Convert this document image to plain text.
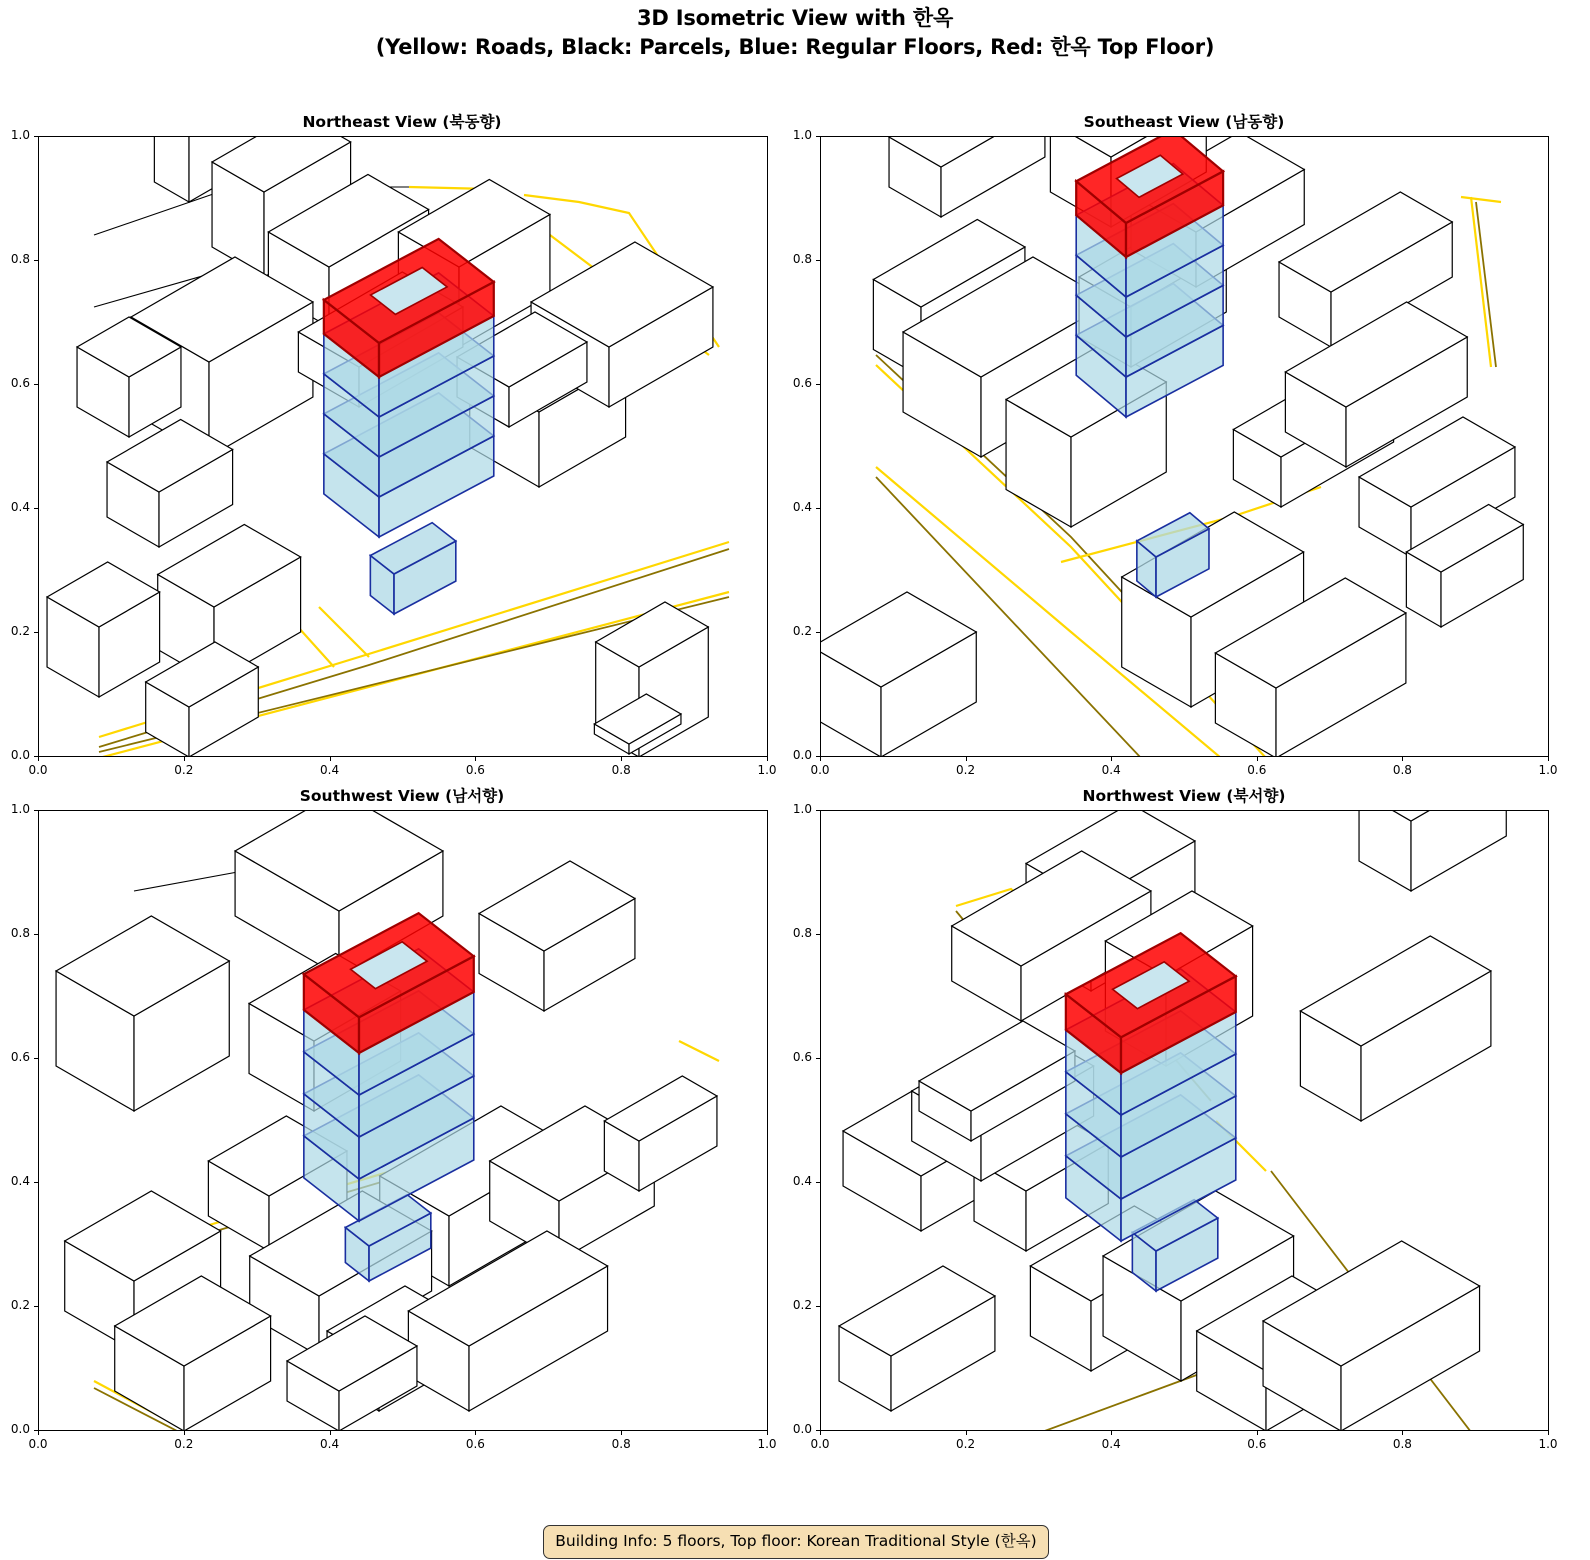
3D Isometric View with 한옥
(Yellow: Roads, Black: Parcels, Blue: Regular Floors, Red: 한옥 Top Floor)
Northeast View (북동향)	Southeast View (남동향)
Southwest View (남서향)	Northwest View (북서향)
0.0
0.0
0.2
0.2
0.4
0.4
0.6
0.6
0.8
0.8
1.0
1.0
0.0
0.0
0.2
0.2
0.4
0.4
0.6
0.6
0.8
0.8
1.0
1.0
0.0
0.0
0.2
0.2
0.4
0.4
0.6
0.6
0.8
0.8
1.0
1.0
0.0
0.0
0.2
0.2
0.4
0.4
0.6
0.6
0.8
0.8
1.0
1.0
Building Info: 5 floors, Top floor: Korean Traditional Style (한옥)
